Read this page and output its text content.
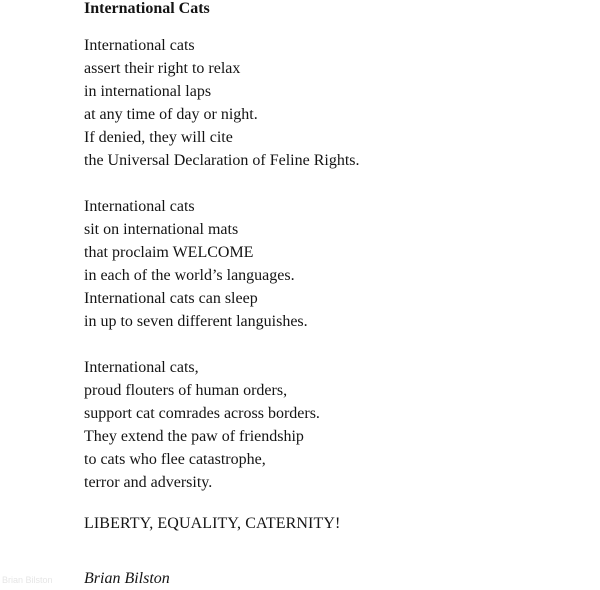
International Cats
International cats
assert their right to relax
in international laps
at any time of day or night.
If denied, they will cite
the Universal Declaration of Feline Rights.
International cats
sit on international mats
that proclaim WELCOME
in each of the world’s languages.
International cats can sleep
in up to seven different languishes.
International cats,
proud flouters of human orders,
support cat comrades across borders.
They extend the paw of friendship
to cats who flee catastrophe,
terror and adversity.
LIBERTY, EQUALITY, CATERNITY!

Brian Bilston

Brian Bilston
